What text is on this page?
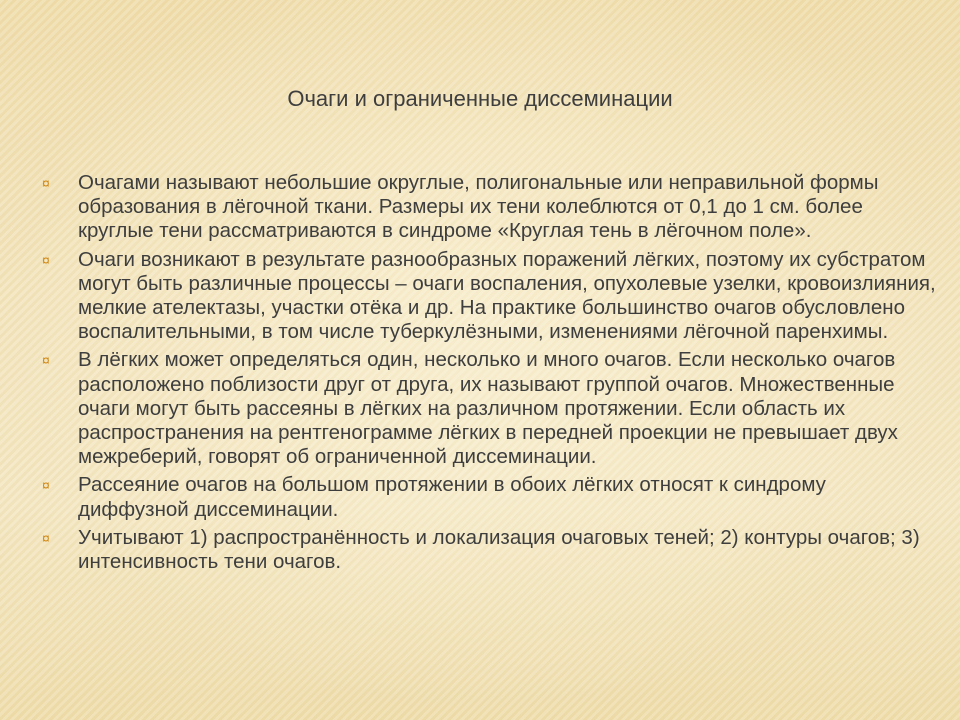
Очаги и ограниченные диссеминации
¤ Очагами называют небольшие округлые, полигональные или неправильной формы образования в лёгочной ткани. Размеры их тени колеблются от 0,1 до 1 см. более круглые тени рассматриваются в синдроме «Круглая тень в лёгочном поле».
¤ Очаги возникают в результате разнообразных поражений лёгких, поэтому их субстратом могут быть различные процессы – очаги воспаления, опухолевые узелки, кровоизлияния, мелкие ателектазы, участки отёка и др. На практике большинство очагов обусловлено воспалительными, в том числе туберкулёзными, изменениями лёгочной паренхимы.
¤ В лёгких может определяться один, несколько и много очагов. Если несколько очагов расположено поблизости друг от друга, их называют группой очагов. Множественные очаги могут быть рассеяны в лёгких на различном протяжении. Если область их распространения на рентгенограмме лёгких в передней проекции не превышает двух межреберий, говорят об ограниченной диссеминации.
¤ Рассеяние очагов на большом протяжении в обоих лёгких относят к синдрому диффузной диссеминации.
¤ Учитывают 1) распространённость и локализация очаговых теней; 2) контуры очагов; 3) интенсивность тени очагов.
